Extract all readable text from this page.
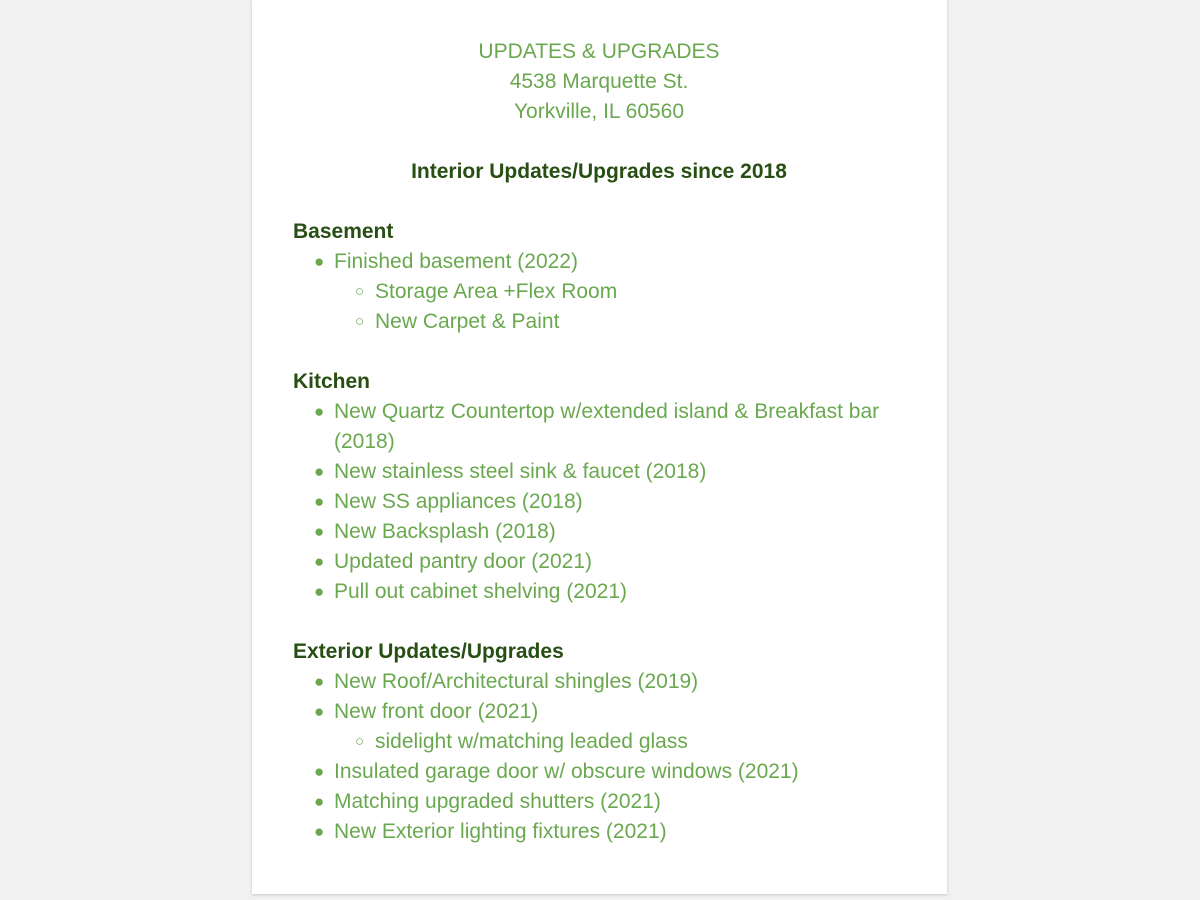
UPDATES & UPGRADES
4538 Marquette St.
Yorkville, IL 60560
Interior Updates/Upgrades since 2018
Basement
● Finished basement (2022)
○ Storage Area +Flex Room
○ New Carpet & Paint
Kitchen
● New Quartz Countertop w/extended island & Breakfast bar (2018)
● New stainless steel sink & faucet (2018)
● New SS appliances (2018)
● New Backsplash (2018)
● Updated pantry door (2021)
● Pull out cabinet shelving (2021)
Exterior Updates/Upgrades
● New Roof/Architectural shingles (2019)
● New front door (2021)
○ sidelight w/matching leaded glass
● Insulated garage door w/ obscure windows (2021)
● Matching upgraded shutters (2021)
● New Exterior lighting fixtures (2021)
